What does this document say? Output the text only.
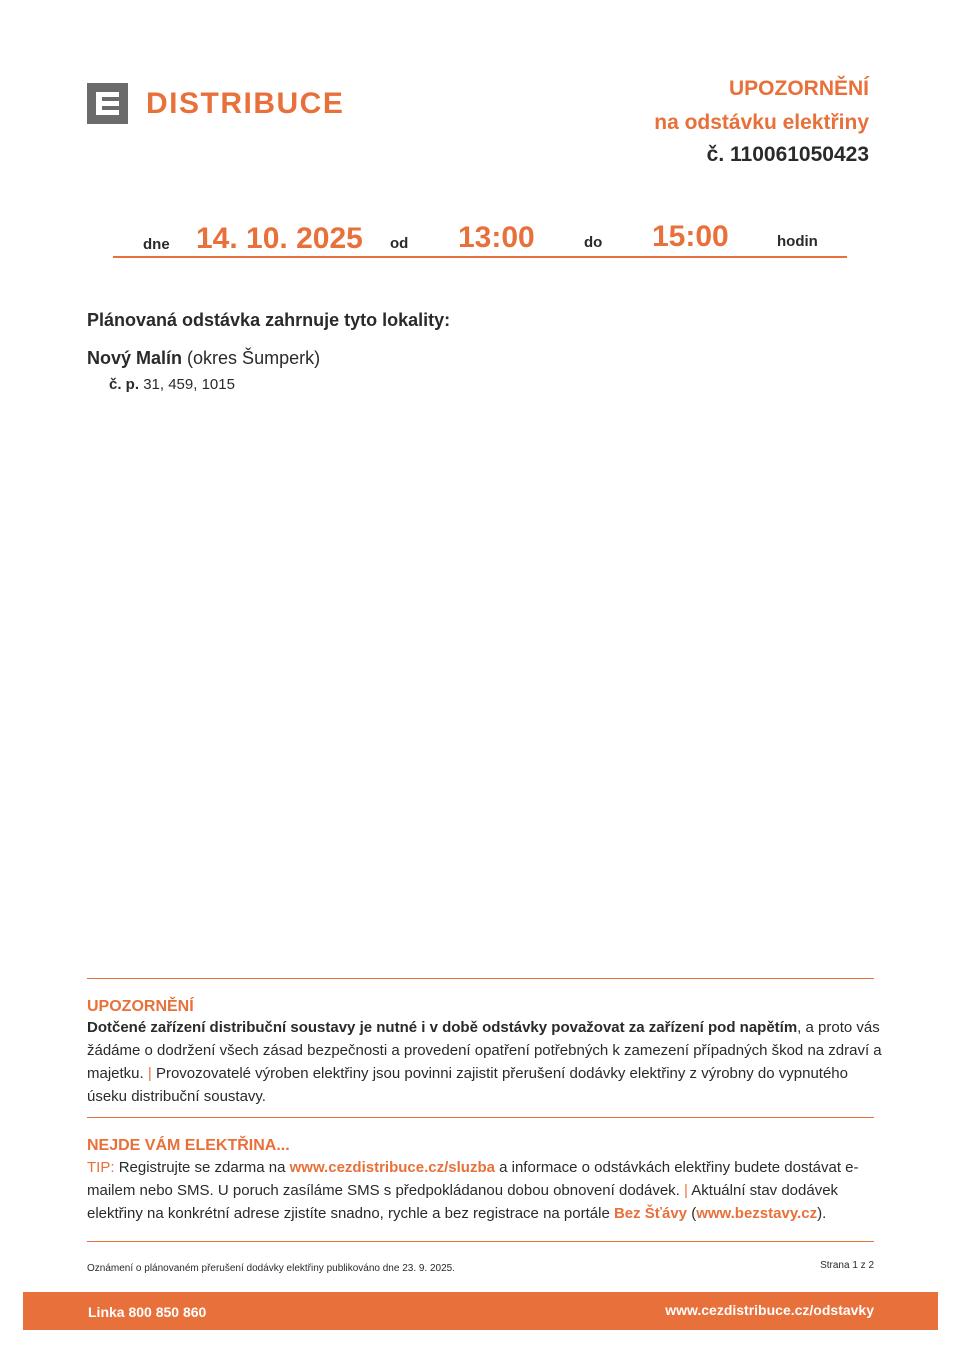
DISTRIBUCE	UPOZORNĚNÍ
na odstávku elektřiny
č. 110061050423
dne 14. 10. 2025 od 13:00	do 15:00	hodin
Plánovaná odstávka zahrnuje tyto lokality:
Nový Malín (okres Šumperk)
č. p. 31, 459, 1015
UPOZORNĚNÍ
Dotčené zařízení distribuční soustavy je nutné i v době odstávky považovat za zařízení pod napětím, a proto vás žádáme o dodržení všech zásad bezpečnosti a provedení opatření potřebných k zamezení případných škod na zdraví a majetku. | Provozovatelé výroben elektřiny jsou povinni zajistit přerušení dodávky elektřiny z výrobny do vypnutého úseku distribuční soustavy.
NEJDE VÁM ELEKTŘINA...
TIP: Registrujte se zdarma na www.cezdistribuce.cz/sluzba a informace o odstávkách elektřiny budete dostávat e-mailem nebo SMS. U poruch zasíláme SMS s předpokládanou dobou obnovení dodávek. | Aktuální stav dodávek elektřiny na konkrétní adrese zjistíte snadno, rychle a bez registrace na portále Bez Šťávy (www.bezstavy.cz).
Oznámení o plánovaném přerušení dodávky elektřiny publikováno dne 23. 9. 2025.	Strana 1 z 2
Linka 800 850 860	www.cezdistribuce.cz/odstavky
